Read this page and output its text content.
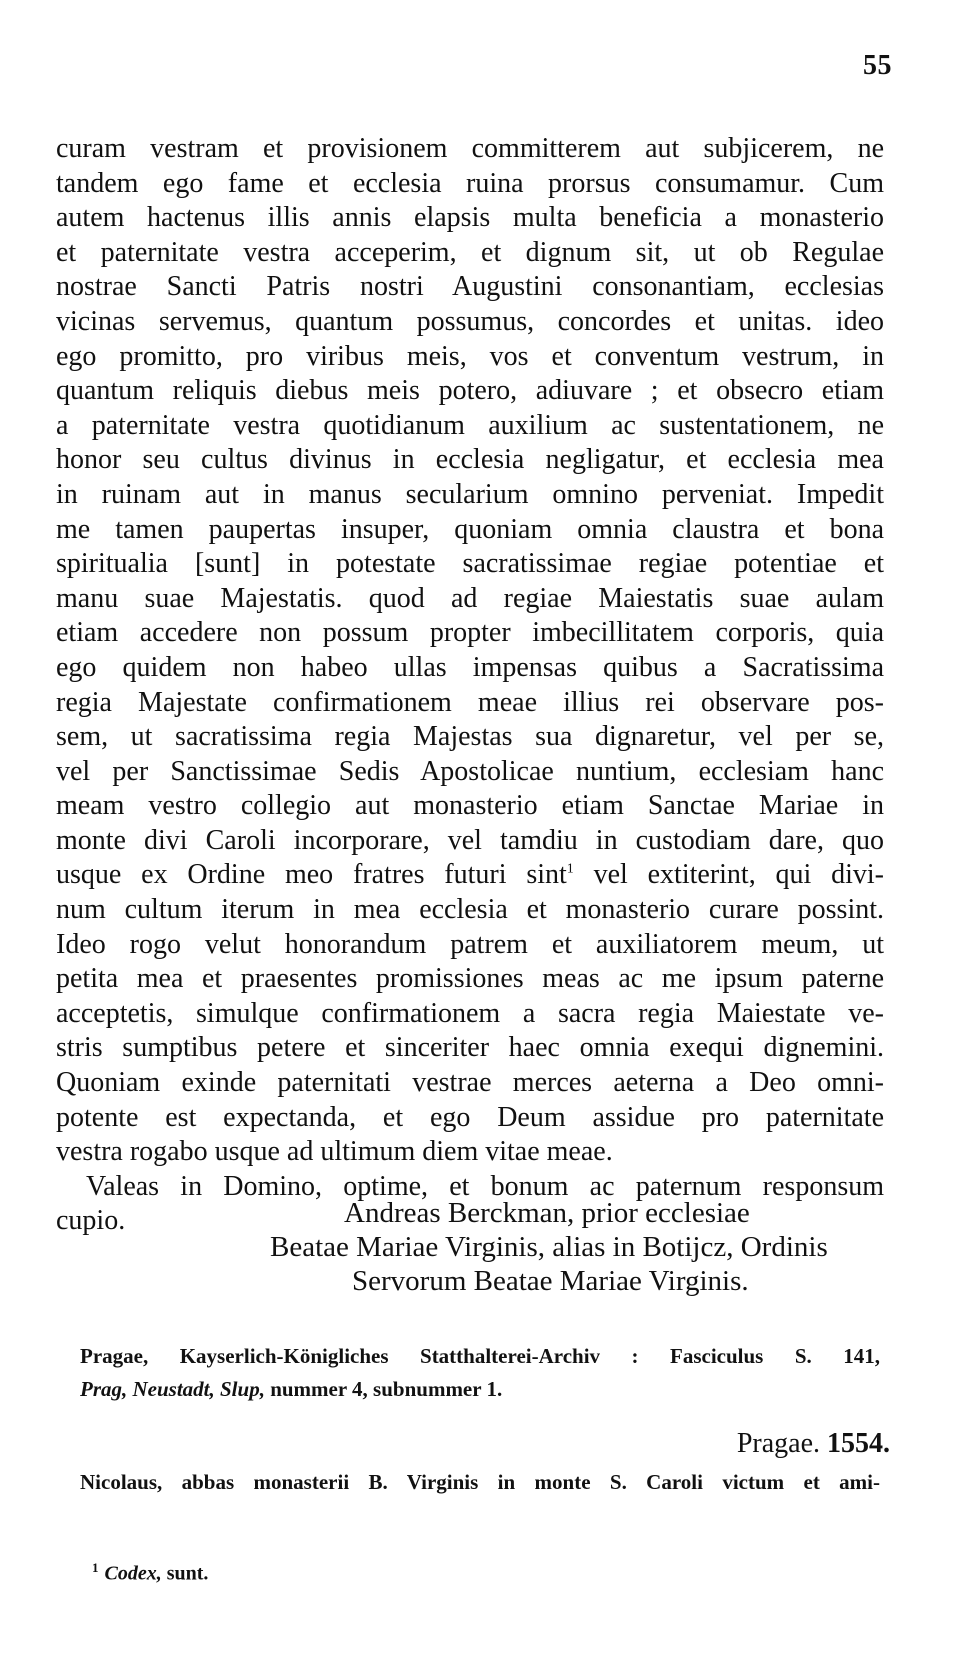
55
curam vestram et provisionem committerem aut subjicerem, ne
tandem ego fame et ecclesia ruina prorsus consumamur. Cum
autem hactenus illis annis elapsis multa beneficia a monasterio
et paternitate vestra acceperim, et dignum sit, ut ob Regulae
nostrae Sancti Patris nostri Augustini consonantiam, ecclesias
vicinas servemus, quantum possumus, concordes et unitas. ideo
ego promitto, pro viribus meis, vos et conventum vestrum, in
quantum reliquis diebus meis potero, adiuvare ; et obsecro etiam
a paternitate vestra quotidianum auxilium ac sustentationem, ne
honor seu cultus divinus in ecclesia negligatur, et ecclesia mea
in ruinam aut in manus secularium omnino perveniat. Impedit
me tamen paupertas insuper, quoniam omnia claustra et bona
spiritualia [sunt] in potestate sacratissimae regiae potentiae et
manu suae Majestatis. quod ad regiae Maiestatis suae aulam
etiam accedere non possum propter imbecillitatem corporis, quia
ego quidem non habeo ullas impensas quibus a Sacratissima
regia Majestate confirmationem meae illius rei observare pos-
sem, ut sacratissima regia Majestas sua dignaretur, vel per se,
vel per Sanctissimae Sedis Apostolicae nuntium, ecclesiam hanc
meam vestro collegio aut monasterio etiam Sanctae Mariae in
monte divi Caroli incorporare, vel tamdiu in custodiam dare, quo
usque ex Ordine meo fratres futuri sint$^1$ vel extiterint, qui divi-
num cultum iterum in mea ecclesia et monasterio curare possint.
Ideo rogo velut honorandum patrem et auxiliatorem meum, ut
petita mea et praesentes promissiones meas ac me ipsum paterne
acceptetis, simulque confirmationem a sacra regia Maiestate ve-
stris sumptibus petere et sinceriter haec omnia exequi dignemini.
Quoniam exinde paternitati vestrae merces aeterna a Deo omni-
potente est expectanda, et ego Deum assidue pro paternitate
vestra rogabo usque ad ultimum diem vitae meae.
Valeas in Domino, optime, et bonum ac paternum responsum
cupio.	Andreas Berckman, prior ecclesiae
Beatae Mariae Virginis, alias in Botijcz, Ordinis
Servorum Beatae Mariae Virginis.
Pragae, Kayserlich-Königliches Statthalterei-Archiv : Fasciculus S. 141,
Prag, Neustadt, Slup, nummer 4, subnummer 1.
Pragae. 1554.
Nicolaus, abbas monasterii B. Virginis in monte S. Caroli victum et ami-
$^1$ Codex, sunt.
